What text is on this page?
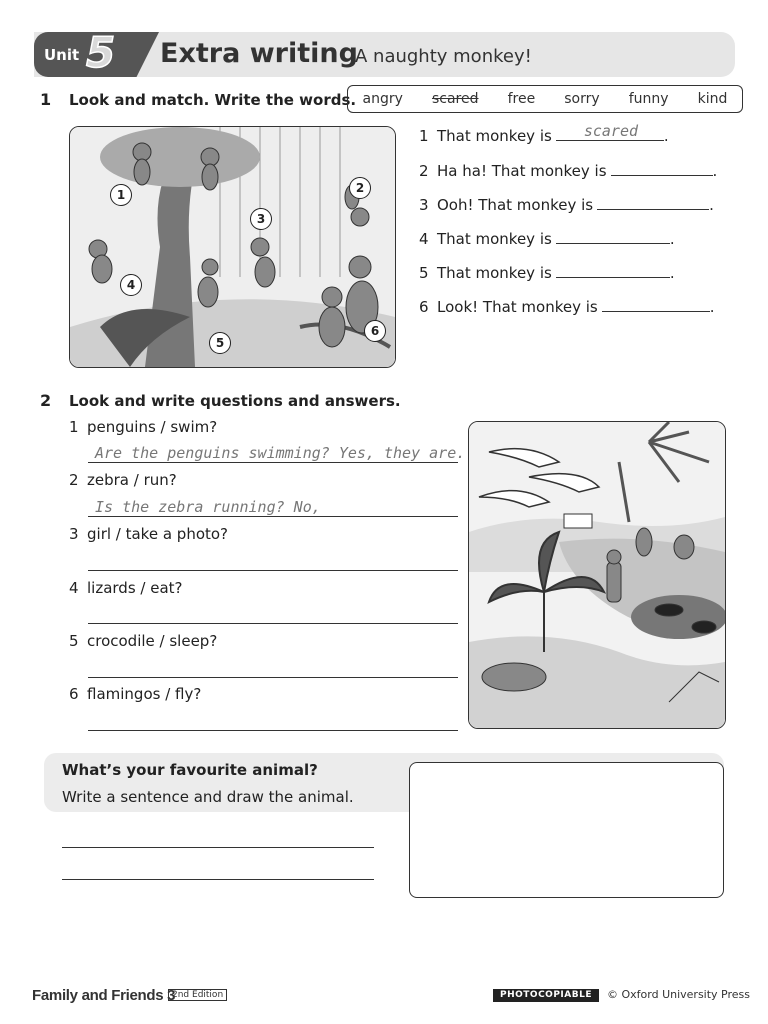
Unit 5 Extra writing
A naughty monkey!
1 Look and match. Write the words. angry scared free sorry funny kind
1	2
3
4
5
6
1 That monkey is scared .
2 Ha ha! That monkey is	.
3 Ooh! That monkey is	.
4 That monkey is	.
5 That monkey is	.
6 Look! That monkey is	.
2 Look and write questions and answers.
1 penguins / swim?
Are the penguins swimming? Yes, they are.
2 zebra / run?
Is the zebra running? No,
3 girl / take a photo?
4 lizards / eat?
5 crocodile / sleep?
6 flamingos / fly?
What’s your favourite animal?
Write a sentence and draw the animal.
Family and Friends 3
2nd Edition	PHOTOCOPIABLE	© Oxford University Press
